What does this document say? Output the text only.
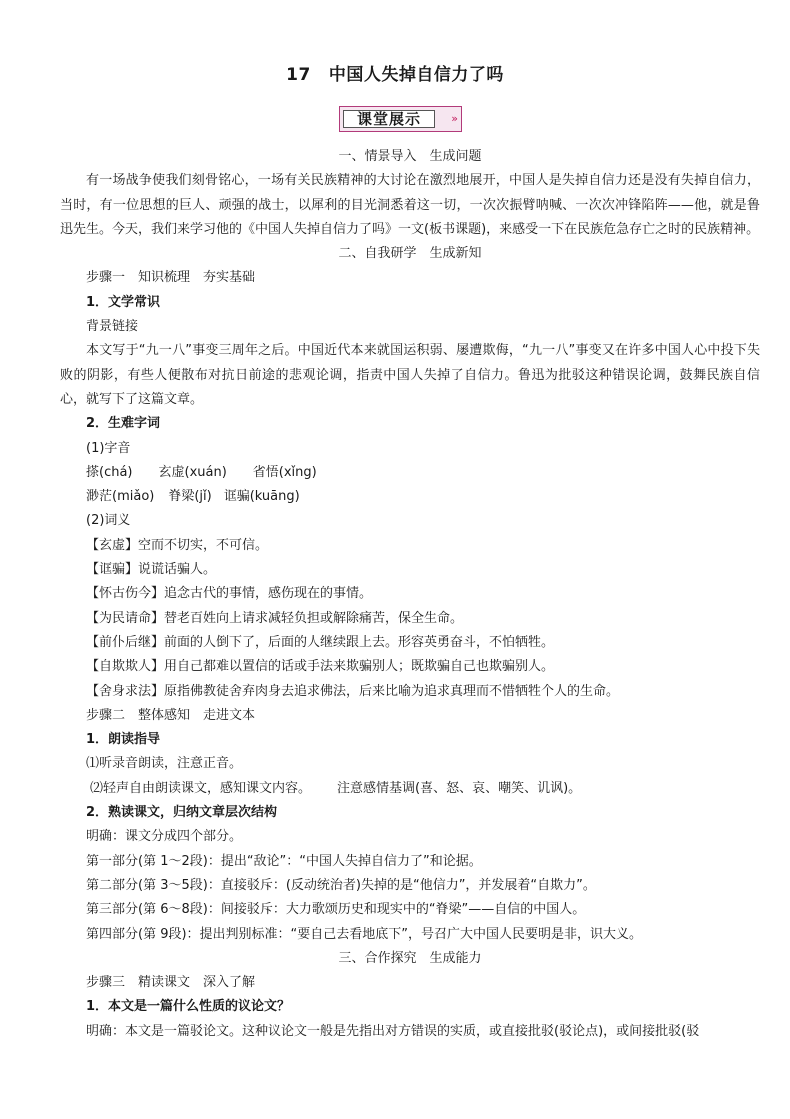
17 中国人失掉自信力了吗
课堂展示	»

一、情景导入　生成问题

有一场战争使我们刻骨铭心，一场有关民族精神的大讨论在激烈地展开，中国人是失掉自信力还是没有失掉自信力，当时，有一位思想的巨人、顽强的战士，以犀利的目光洞悉着这一切，一次次振臂呐喊、一次次冲锋陷阵——他，就是鲁迅先生。今天，我们来学习他的《中国人失掉自信力了吗》一文(板书课题)，来感受一下在民族危急存亡之时的民族精神。

二、自我研学　生成新知

步骤一　知识梳理　夯实基础

1．文学常识

背景链接

本文写于“九一八”事变三周年之后。中国近代本来就国运积弱、屡遭欺侮，“九一八”事变又在许多中国人心中投下失败的阴影，有些人便散布对抗日前途的悲观论调，指责中国人失掉了自信力。鲁迅为批驳这种错误论调，鼓舞民族自信心，就写下了这篇文章。

2．生难字词

(1)字音

搽(chá) 玄虚(xuán) 省悟(xǐng)

渺茫(miǎo) 脊梁(jǐ) 诓骗(kuāng)

(2)词义

【玄虚】空而不切实，不可信。

【诓骗】说谎话骗人。

【怀古伤今】追念古代的事情，感伤现在的事情。

【为民请命】替老百姓向上请求减轻负担或解除痛苦，保全生命。

【前仆后继】前面的人倒下了，后面的人继续跟上去。形容英勇奋斗，不怕牺牲。

【自欺欺人】用自己都难以置信的话或手法来欺骗别人；既欺骗自己也欺骗别人。

【舍身求法】原指佛教徒舍弃肉身去追求佛法，后来比喻为追求真理而不惜牺牲个人的生命。

步骤二　整体感知　走进文本

1．朗读指导

⑴听录音朗读，注意正音。

⑵轻声自由朗读课文，感知课文内容。 注意感情基调(喜、怒、哀、嘲笑、讥讽)。

2．熟读课文，归纳文章层次结构

明确：课文分成四个部分。

第一部分(第 1～2段)：提出“敌论”：“中国人失掉自信力了”和论据。

第二部分(第 3～5段)：直接驳斥：(反动统治者)失掉的是“他信力”，并发展着“自欺力”。

第三部分(第 6～8段)：间接驳斥：大力歌颂历史和现实中的“脊梁”——自信的中国人。

第四部分(第 9段)：提出判别标准：“要自己去看地底下”，号召广大中国人民要明是非，识大义。

三、合作探究　生成能力

步骤三　精读课文　深入了解

1．本文是一篇什么性质的议论文？

明确：本文是一篇驳论文。这种议论文一般是先指出对方错误的实质，或直接批驳(驳论点)，或间接批驳(驳
